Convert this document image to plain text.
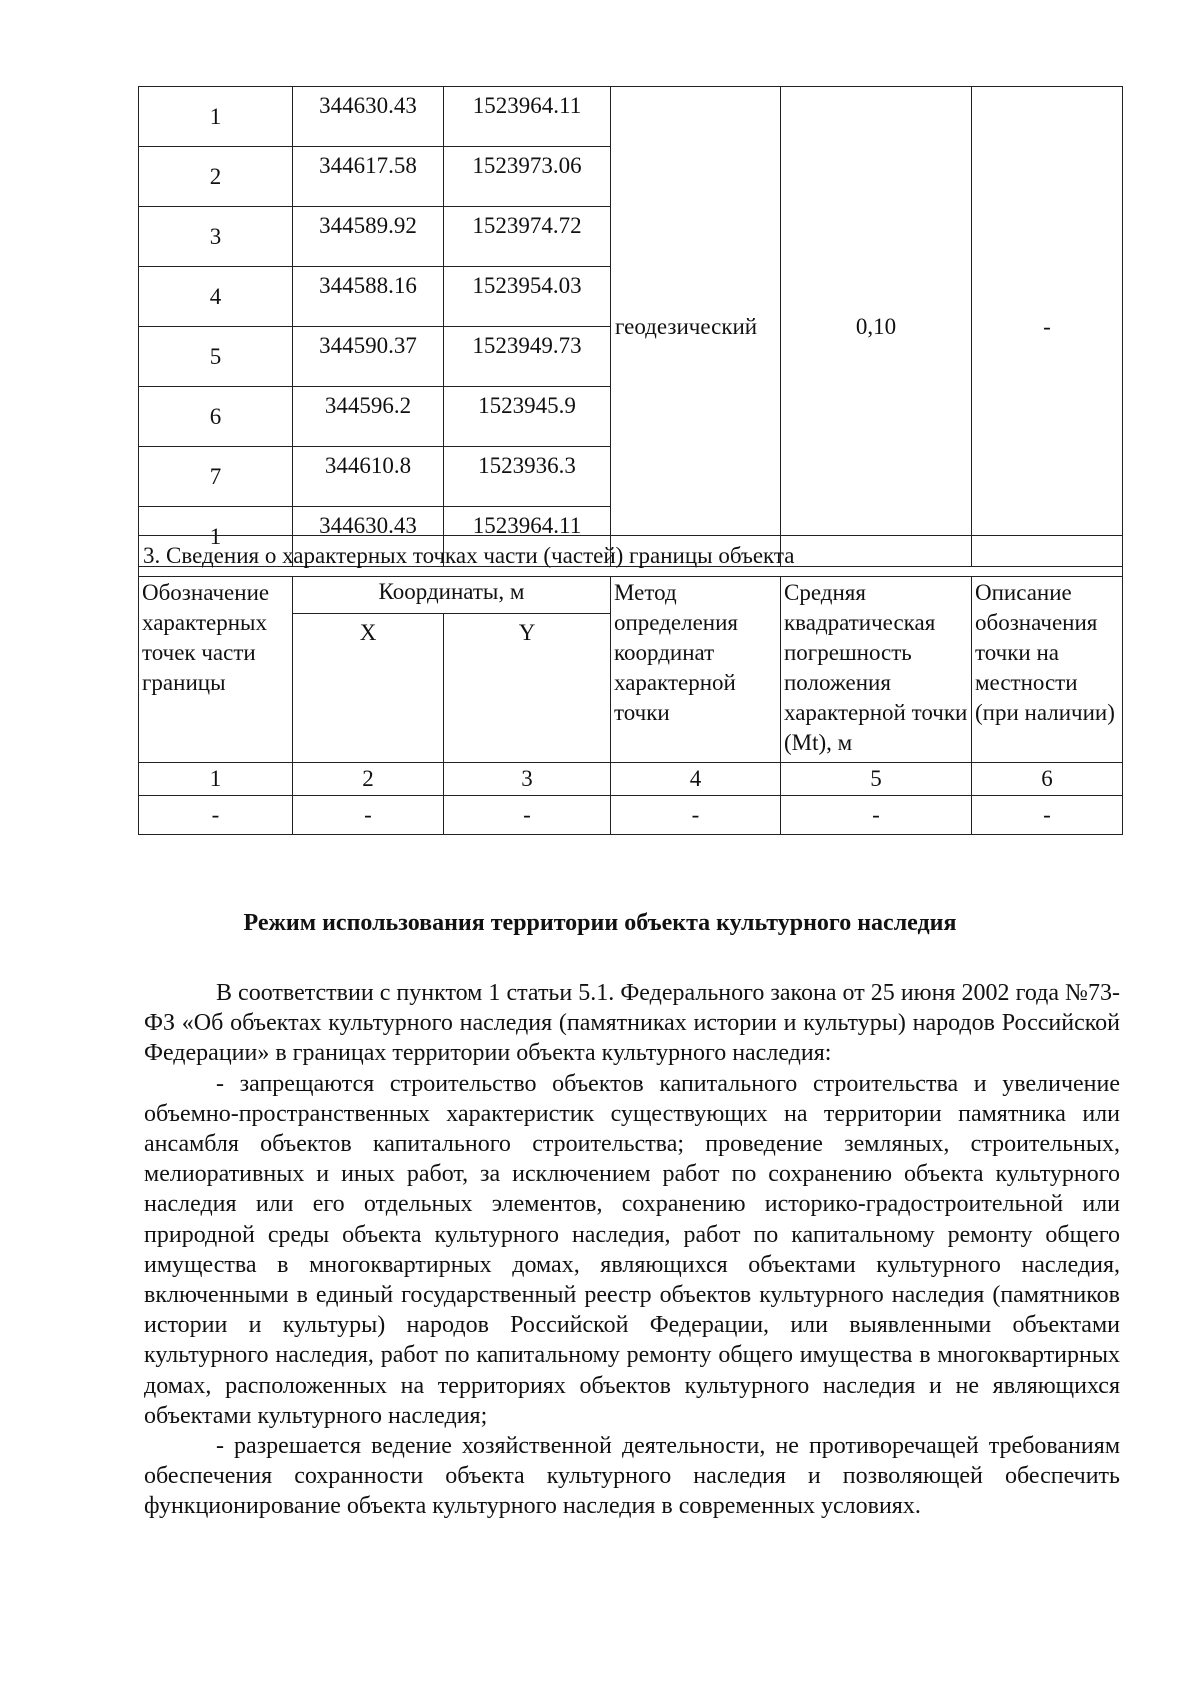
1	344630.43	1523964.11	геодезический	0,10	-
2	344617.58	1523973.06			
3	344589.92	1523974.72			
4	344588.16	1523954.03			
5	344590.37	1523949.73			
6	344596.2	1523945.9			
7	344610.8	1523936.3			
1	344630.43	1523964.11			
3. Сведения о характерных точках части (частей) границы объекта					
Обозначение характерных точек части границы	Координаты, м		Метод определения координат характерной точки	Средняя квадратическая погрешность положения характерной точки (Mt), м	Описание обозначения точки на местности (при наличии)
	X	Y			
1	2	3	4	5	6
-	-	-	-	-	-
Режим использования территории объекта культурного наследия

В соответствии с пунктом 1 статьи 5.1. Федерального закона от 25 июня 2002 года №73-ФЗ «Об объектах культурного наследия (памятниках истории и культуры) народов Российской Федерации» в границах территории объекта культурного наследия:

- запрещаются строительство объектов капитального строительства и увеличение объемно-пространственных характеристик существующих на территории памятника или ансамбля объектов капитального строительства; проведение земляных, строительных, мелиоративных и иных работ, за исключением работ по сохранению объекта культурного наследия или его отдельных элементов, сохранению историко-градостроительной или природной среды объекта культурного наследия, работ по капитальному ремонту общего имущества в многоквартирных домах, являющихся объектами культурного наследия, включенными в единый государственный реестр объектов культурного наследия (памятников истории и культуры) народов Российской Федерации, или выявленными объектами культурного наследия, работ по капитальному ремонту общего имущества в многоквартирных домах, расположенных на территориях объектов культурного наследия и не являющихся объектами культурного наследия;

- разрешается ведение хозяйственной деятельности, не противоречащей требованиям обеспечения сохранности объекта культурного наследия и позволяющей обеспечить функционирование объекта культурного наследия в современных условиях.
